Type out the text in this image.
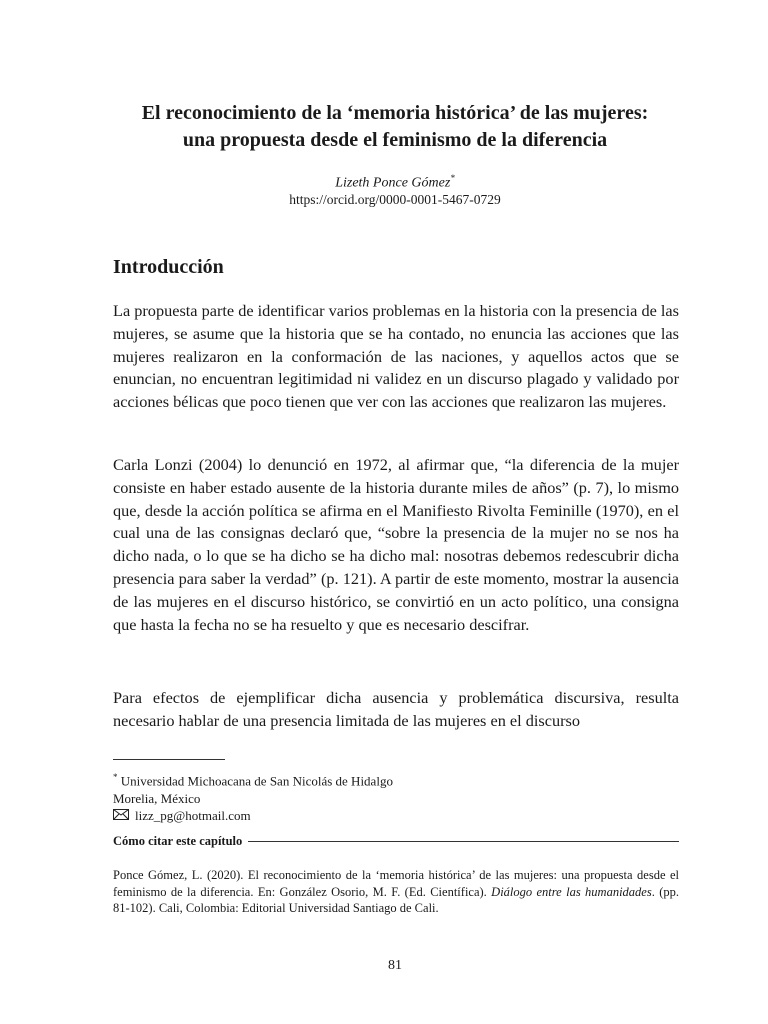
El reconocimiento de la ‘memoria histórica’ de las mujeres:
una propuesta desde el feminismo de la diferencia
Lizeth Ponce Gómez*
https://orcid.org/0000-0001-5467-0729
Introducción
La propuesta parte de identificar varios problemas en la historia con la presencia de las mujeres, se asume que la historia que se ha contado, no enuncia las acciones que las mujeres realizaron en la conformación de las naciones, y aquellos actos que se enuncian, no encuentran legitimidad ni validez en un discurso plagado y validado por acciones bélicas que poco tienen que ver con las acciones que realizaron las mujeres.
Carla Lonzi (2004) lo denunció en 1972, al afirmar que, “la diferencia de la mujer consiste en haber estado ausente de la historia durante miles de años” (p. 7), lo mismo que, desde la acción política se afirma en el Manifiesto Rivolta Feminille (1970), en el cual una de las consignas declaró que, “sobre la presencia de la mujer no se nos ha dicho nada, o lo que se ha dicho se ha dicho mal: nosotras debemos redescubrir dicha presencia para saber la verdad” (p. 121). A partir de este momento, mostrar la ausencia de las mujeres en el discurso histórico, se convirtió en un acto político, una consigna que hasta la fecha no se ha resuelto y que es necesario descifrar.
Para efectos de ejemplificar dicha ausencia y problemática discursiva, resulta necesario hablar de una presencia limitada de las mujeres en el discurso
* Universidad Michoacana de San Nicolás de Hidalgo
Morelia, México
lizz_pg@hotmail.com
Cómo citar este capítulo
Ponce Gómez, L. (2020). El reconocimiento de la ‘memoria histórica’ de las mujeres: una propuesta desde el feminismo de la diferencia. En: González Osorio, M. F. (Ed. Científica). Diálogo entre las humanidades. (pp. 81-102). Cali, Colombia: Editorial Universidad Santiago de Cali.
81
